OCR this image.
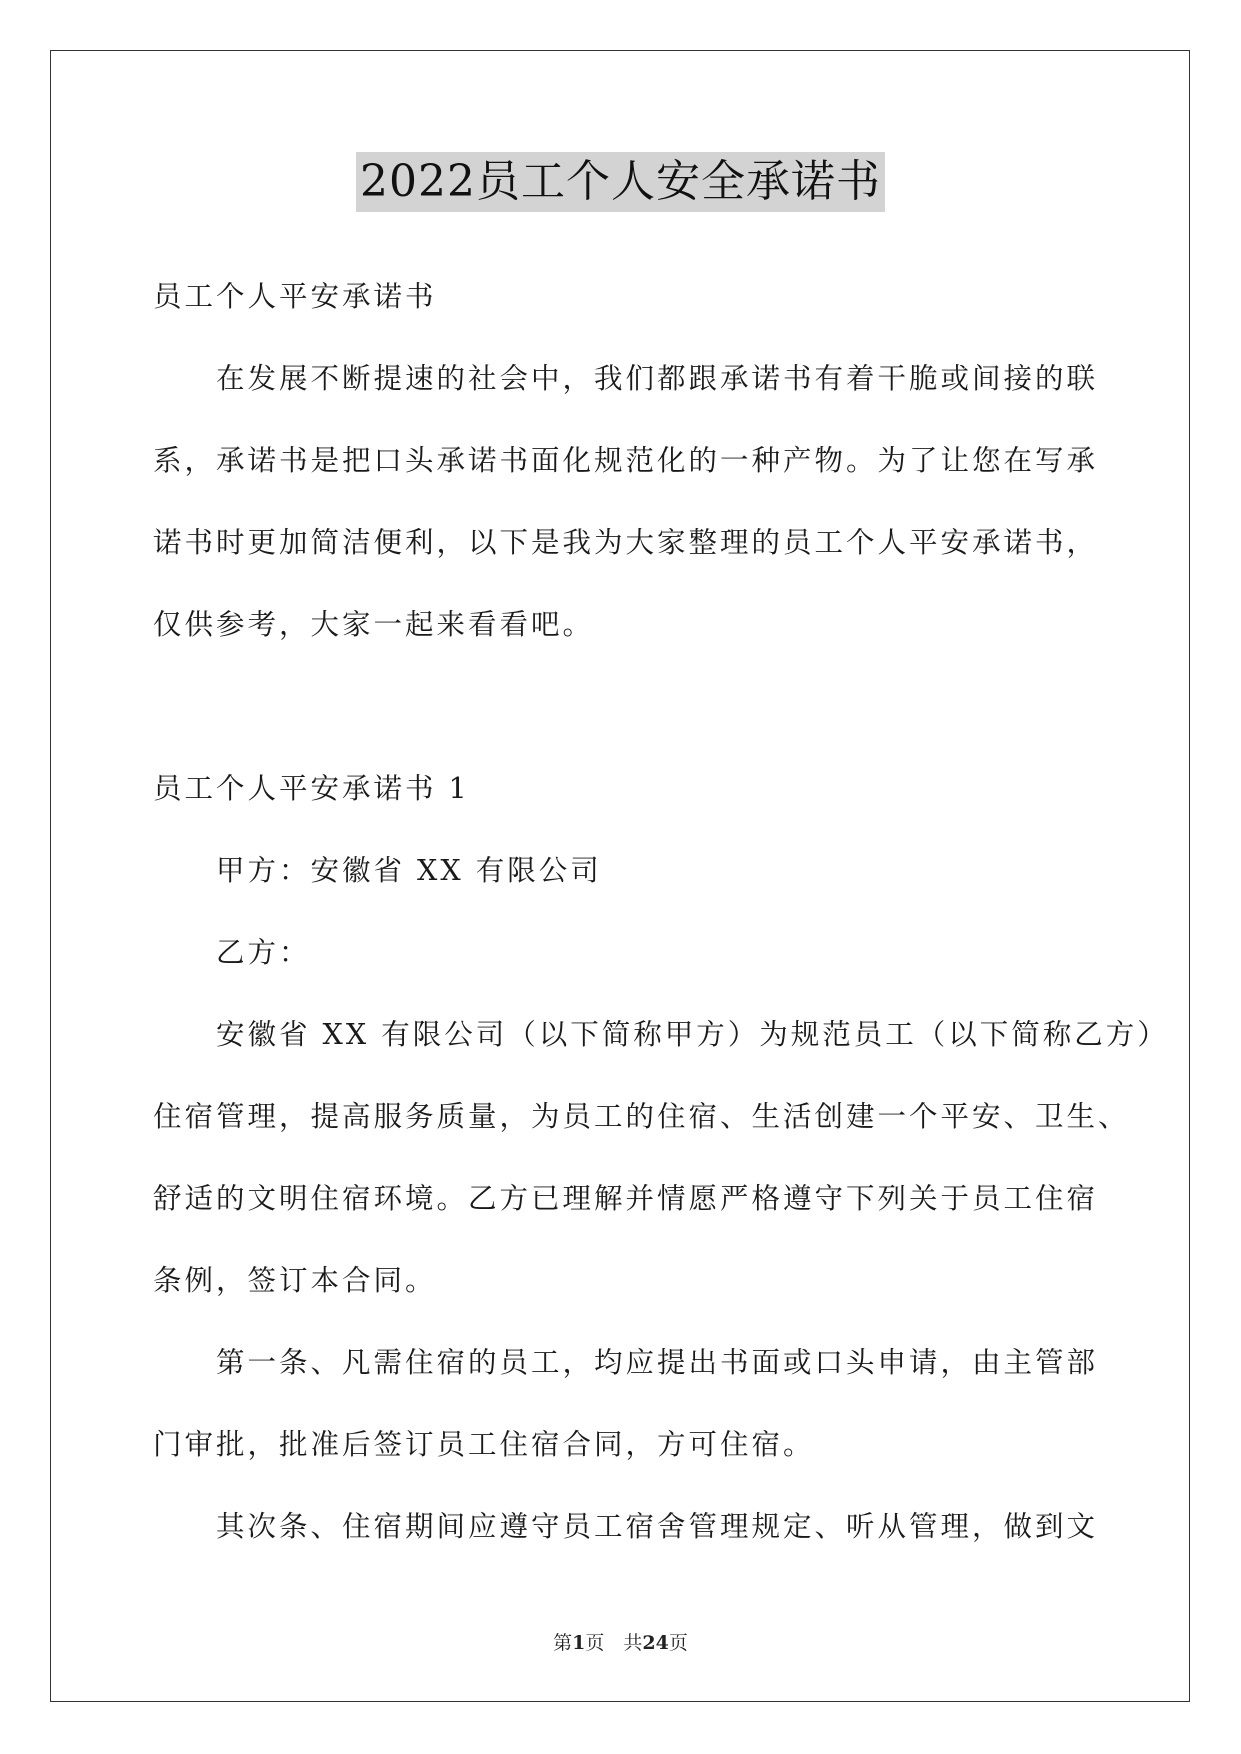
2022员工个人安全承诺书
员工个人平安承诺书
在发展不断提速的社会中，我们都跟承诺书有着干脆或间接的联
系，承诺书是把口头承诺书面化规范化的一种产物。为了让您在写承
诺书时更加简洁便利，以下是我为大家整理的员工个人平安承诺书，
仅供参考，大家一起来看看吧。
员工个人平安承诺书 1
甲方：安徽省 XX 有限公司
乙方：
安徽省 XX 有限公司（以下简称甲方）为规范员工（以下简称乙方）
住宿管理，提高服务质量，为员工的住宿、生活创建一个平安、卫生、
舒适的文明住宿环境。乙方已理解并情愿严格遵守下列关于员工住宿
条例，签订本合同。
第一条、凡需住宿的员工，均应提出书面或口头申请，由主管部
门审批，批准后签订员工住宿合同，方可住宿。
其次条、住宿期间应遵守员工宿舍管理规定、听从管理，做到文
第1页　共24页
